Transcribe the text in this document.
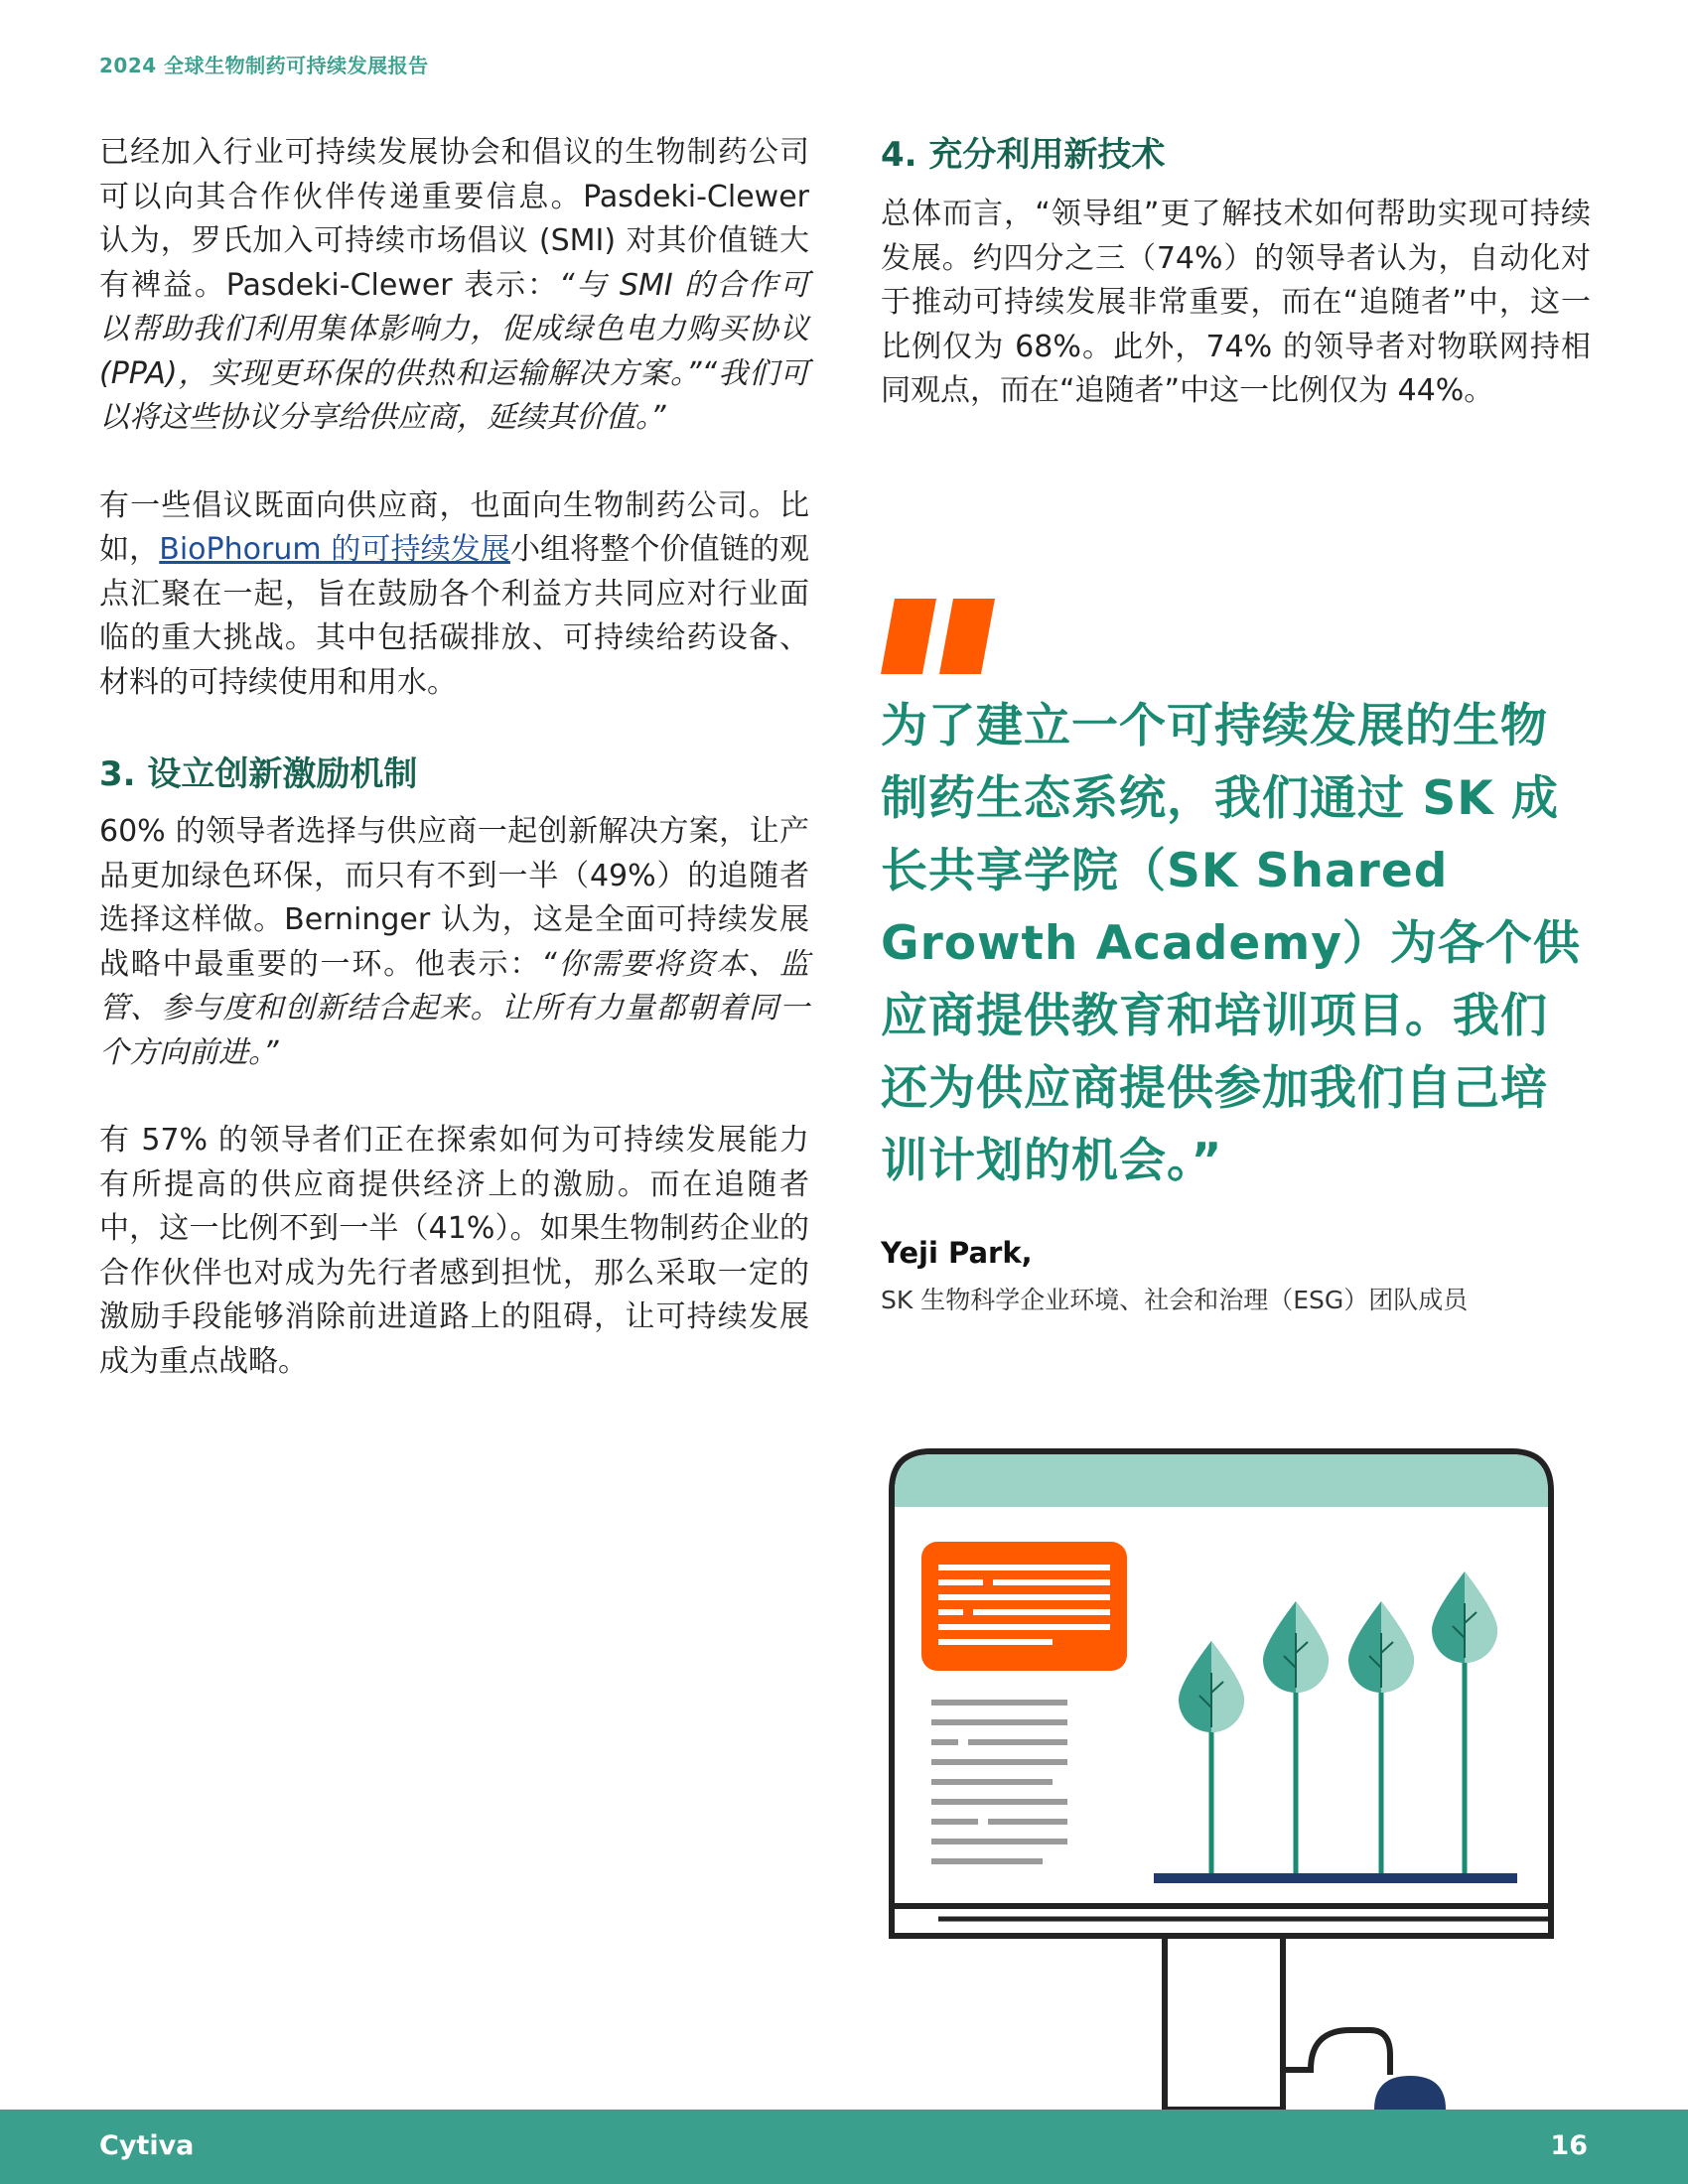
2024 全球生物制药可持续发展报告

已经加入行业可持续发展协会和倡议的生物制药公司可以向其合作伙伴传递重要信息。Pasdeki-Clewer 认为，罗氏加入可持续市场倡议 (SMI) 对其价值链大有裨益。Pasdeki-Clewer 表示：“与 SMI 的合作可以帮助我们利用集体影响力，促成绿色电力购买协议 (PPA)，实现更环保的供热和运输解决方案。”“我们可以将这些协议分享给供应商，延续其价值。”

有一些倡议既面向供应商，也面向生物制药公司。比如，BioPhorum 的可持续发展小组将整个价值链的观点汇聚在一起，旨在鼓励各个利益方共同应对行业面临的重大挑战。其中包括碳排放、可持续给药设备、材料的可持续使用和用水。

3. 设立创新激励机制

60% 的领导者选择与供应商一起创新解决方案，让产品更加绿色环保，而只有不到一半（49%）的追随者选择这样做。Berninger 认为，这是全面可持续发展战略中最重要的一环。他表示：“你需要将资本、监管、参与度和创新结合起来。让所有力量都朝着同一个方向前进。”

有 57% 的领导者们正在探索如何为可持续发展能力有所提高的供应商提供经济上的激励。而在追随者中，这一比例不到一半（41%）。如果生物制药企业的合作伙伴也对成为先行者感到担忧，那么采取一定的激励手段能够消除前进道路上的阻碍，让可持续发展成为重点战略。

4. 充分利用新技术

总体而言，“领导组”更了解技术如何帮助实现可持续发展。约四分之三（74%）的领导者认为，自动化对于推动可持续发展非常重要，而在“追随者”中，这一比例仅为 68%。此外，74% 的领导者对物联网持相同观点，而在“追随者”中这一比例仅为 44%。

为了建立一个可持续发展的生物制药生态系统，我们通过 SK 成长共享学院（SK Shared Growth Academy）为各个供应商提供教育和培训项目。我们还为供应商提供参加我们自己培训计划的机会。”

Yeji Park,
SK 生物科学企业环境、社会和治理（ESG）团队成员
Cytiva	16
